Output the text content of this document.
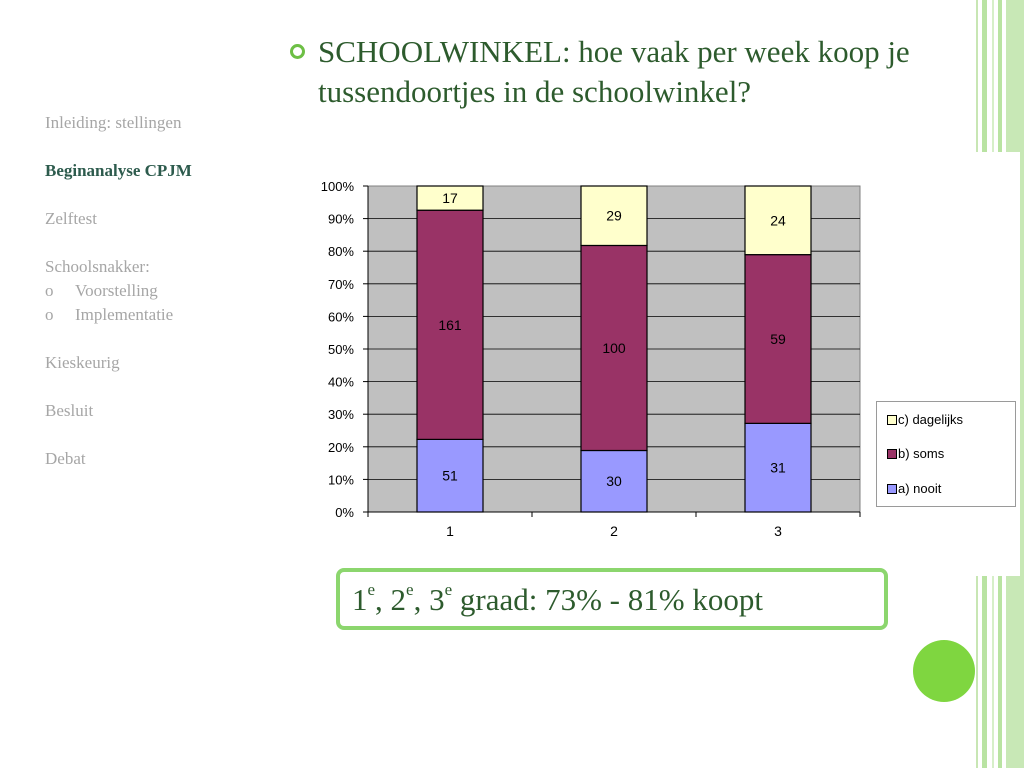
Inleiding: stellingen
Beginanalyse CPJM
Zelftest
Schoolsnakker:
o Voorstelling
o Implementatie
Kieskeurig
Besluit
Debat
SCHOOLWINKEL: hoe vaak per week koop je tussendoortjes in de schoolwinkel?
0%
10%
20%
30%
40%
50%
60%
70%
80%
90%
100%
51
161
17
1
30
100
29
2
31
59
24
3
c) dagelijks
b) soms
a) nooit
1e, 2e, 3e graad: 73% - 81% koopt
